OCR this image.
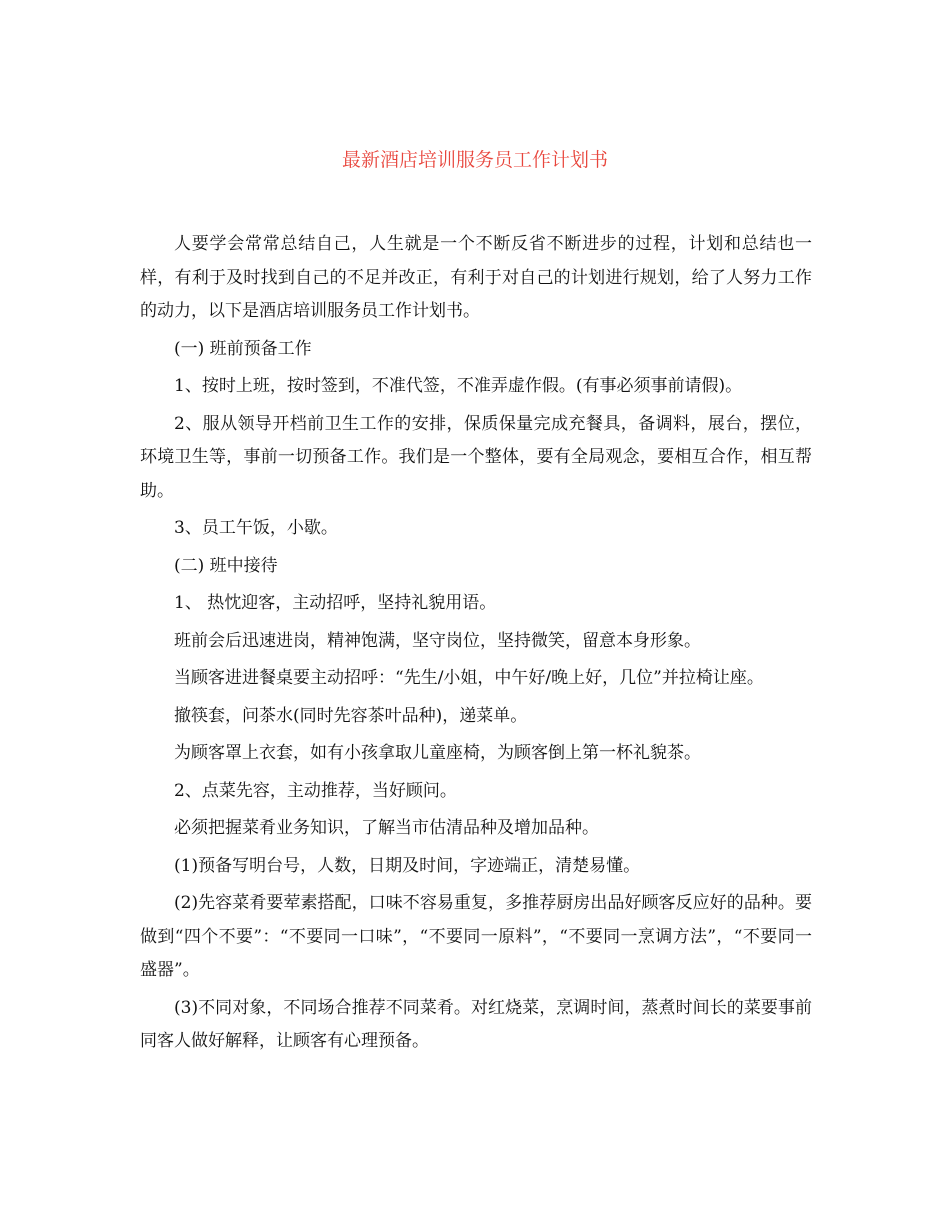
最新酒店培训服务员工作计划书

人要学会常常总结自己，人生就是一个不断反省不断进步的过程，计划和总结也一样，有利于及时找到自己的不足并改正，有利于对自己的计划进行规划，给了人努力工作的动力，以下是酒店培训服务员工作计划书。

(一) 班前预备工作

1、按时上班，按时签到，不准代签，不准弄虚作假。(有事必须事前请假)。

2、服从领导开档前卫生工作的安排，保质保量完成充餐具，备调料，展台，摆位，环境卫生等，事前一切预备工作。我们是一个整体，要有全局观念，要相互合作，相互帮助。

3、员工午饭，小歇。

(二) 班中接待

1、 热忱迎客，主动招呼，坚持礼貌用语。

班前会后迅速进岗，精神饱满，坚守岗位，坚持微笑，留意本身形象。

当顾客进进餐桌要主动招呼：“先生/小姐，中午好/晚上好，几位”并拉椅让座。

撤筷套，问茶水(同时先容茶叶品种)，递菜单。

为顾客罩上衣套，如有小孩拿取儿童座椅，为顾客倒上第一杯礼貌茶。

2、点菜先容，主动推荐，当好顾问。

必须把握菜肴业务知识，了解当市估清品种及增加品种。

(1)预备写明台号，人数，日期及时间，字迹端正，清楚易懂。

(2)先容菜肴要荤素搭配，口味不容易重复，多推荐厨房出品好顾客反应好的品种。要做到“四个不要”：“不要同一口味”，“不要同一原料”，“不要同一烹调方法”，“不要同一盛器”。

(3)不同对象，不同场合推荐不同菜肴。对红烧菜，烹调时间，蒸煮时间长的菜要事前同客人做好解释，让顾客有心理预备。
